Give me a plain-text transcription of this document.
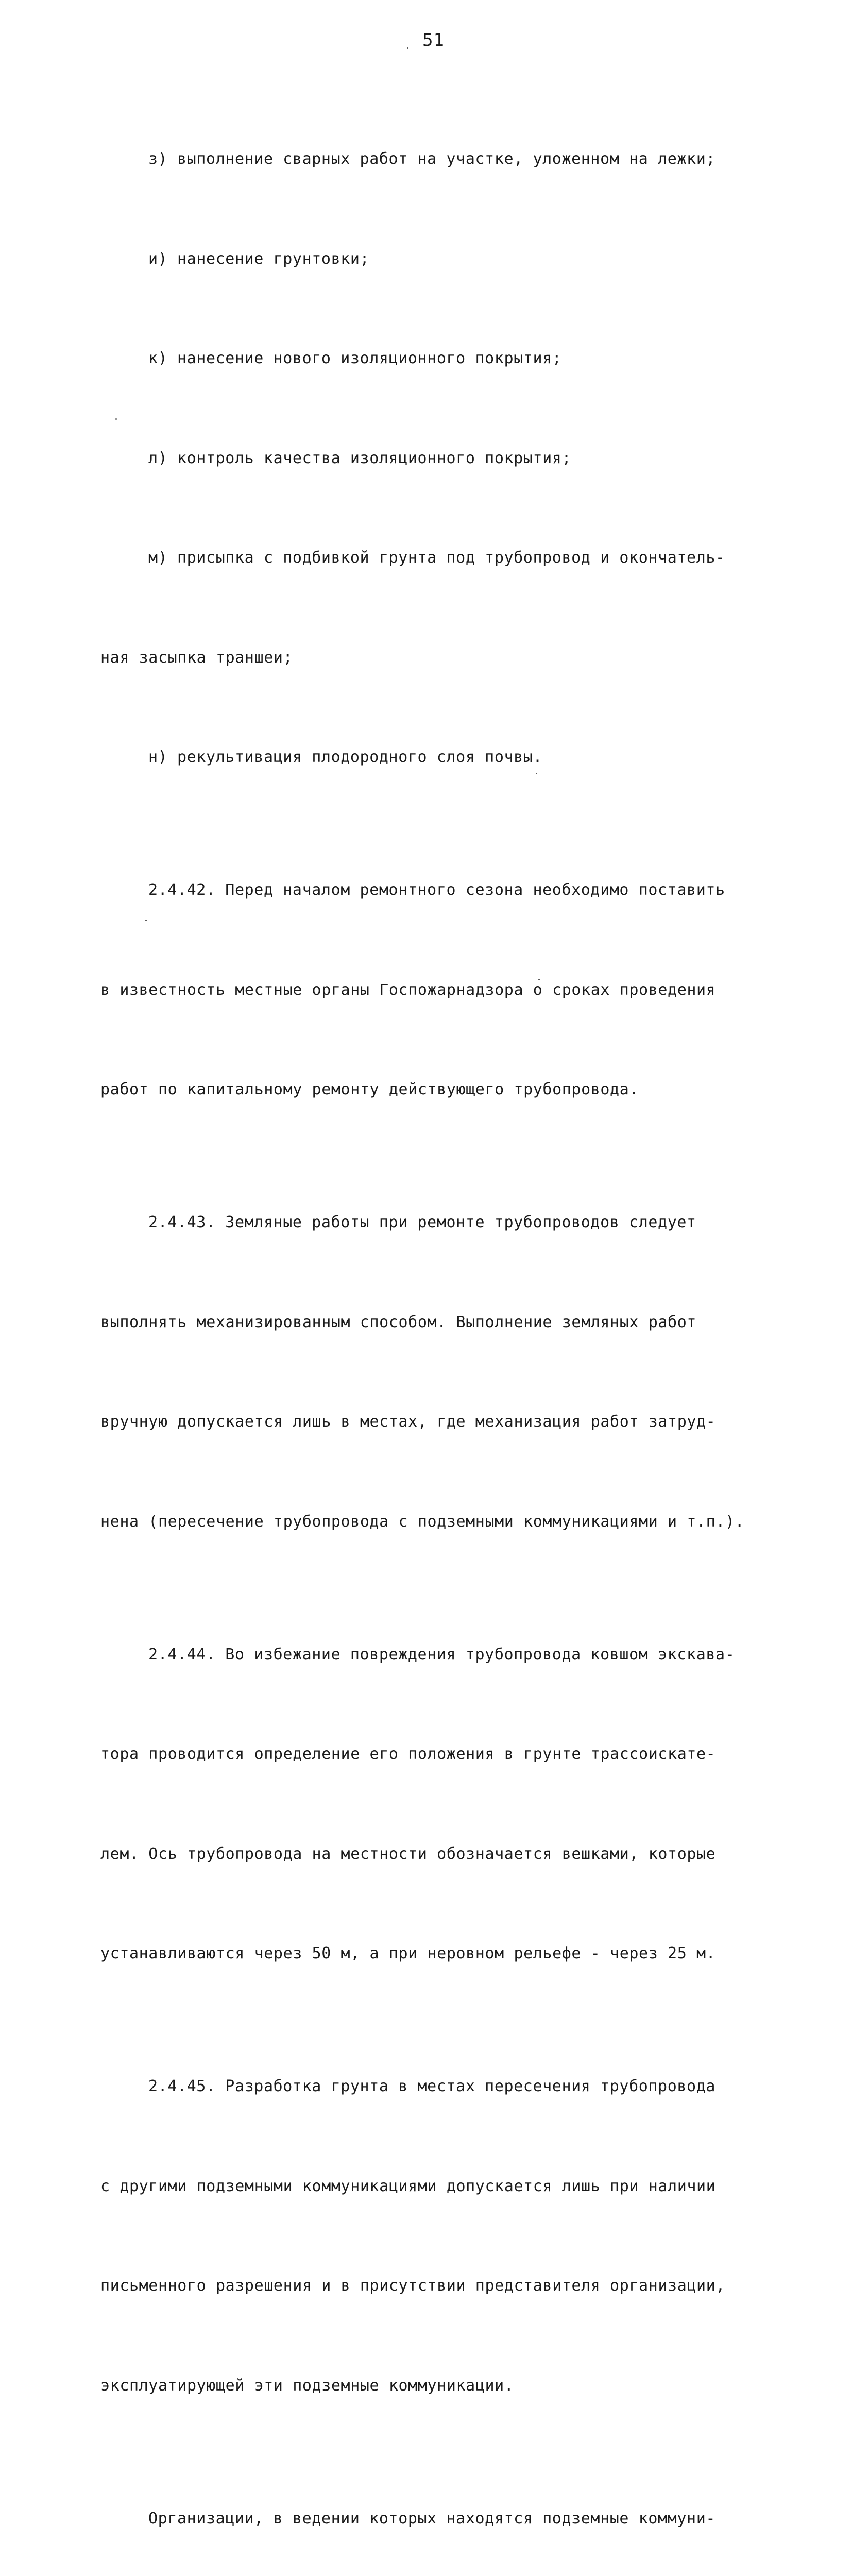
51

з) выполнение сварных работ на участке, уложенном на лежки;

и) нанесение грунтовки;

к) нанесение нового изоляционного покрытия;

л) контроль качества изоляционного покрытия;

м) присыпка с подбивкой грунта под трубопровод и окончатель-

ная засыпка траншеи;

н) рекультивация плодородного слоя почвы.

2.4.42. Перед началом ремонтного сезона необходимо поставить

в известность местные органы Госпожарнадзора о сроках проведения

работ по капитальному ремонту действующего трубопровода.

2.4.43. Земляные работы при ремонте трубопроводов следует

выполнять механизированным способом. Выполнение земляных работ

вручную допускается лишь в местах, где механизация работ затруд-

нена (пересечение трубопровода с подземными коммуникациями и т.п.).

2.4.44. Во избежание повреждения трубопровода ковшом экскава-

тора проводится определение его положения в грунте трассоискате-

лем. Ось трубопровода на местности обозначается вешками, которые

устанавливаются через 50 м, а при неровном рельефе - через 25 м.

2.4.45. Разработка грунта в местах пересечения трубопровода

с другими подземными коммуникациями допускается лишь при наличии

письменного разрешения и в присутствии представителя организации,

эксплуатирующей эти подземные коммуникации.

Организации, в ведении которых находятся подземные коммуни-
